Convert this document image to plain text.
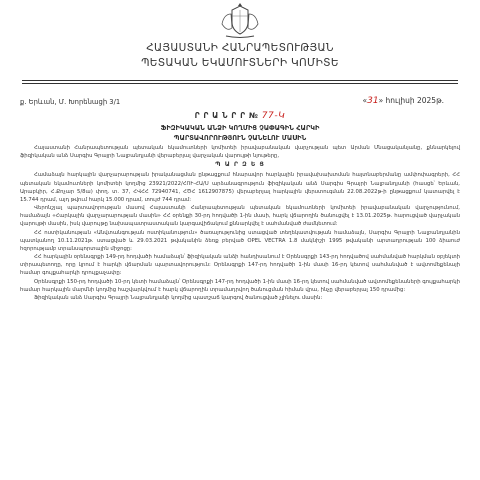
ՀԱՅԱՍՏԱՆԻ ՀԱՆՐԱՊԵՏՈՒԹՅԱՆ
ՊԵՏԱԿԱՆ ԵԿԱՄՈՒՏՆԵՐԻ ԿՈՄԻՏԵ
ք. Երևան, Մ. Խորենացի 3/1	«31» հուլիսի 2025թ.
Ր Ր Ա Ն Ր Ր № 77-Կ
ՖԻԶԻԿԱԿԱՆ ԱՆՁԻ ԿՈՂՄԻՑ ՉԱՓԱԳԻՆ ՀԱՐԿԻ
ՊԱՐՏԱՎՈՐՈՒԹՅՈՒՆ ՉԱՆԵԼՈՒ ՄԱՍԻՆ

Հայաստանի Հանրապետության պետական եկամուտների կոմիտեի իրավաբանական վարչության պետ Արման Մնացականյանը, քննարկելով ֆիզիկական անձ Սարգիս Գրայրի Նալբանդյանի վերաբերյալ վարչական վարույթի նյութերը,

Պ Ա Ր Զ Ե Ց

Համաձայն հարկային վարչարարության իրականացման ընթացքում հնարավոր հարկային իրավախախտման հայտնաբերմանը ամփոփագրերի, ՀՀ պետական եկամուտների կոմիտեի կողմից 23921/2022/ՀՈՒ-ՀԱ/Ս արձանագրություն ֆիզիկական անձ Սարգիս Գրայրի Նալբանդյանի (հասցե՝ Երևան, Արաբկիր, Հ.Քոչար 5/8ա) փող. տ. 37, ՀՎՀՀ 72940741, ՀԾՀ 1612907875) վերաբերյալ հարկային վերստուգման 22.08.2022թ-ի ընթացքում կատարվել է 15.744 դրամ, այդ թվում հարկ 15.000 դրամ, տույժ 744 դրամ:

Վերոնշյալ պարտավորության մասով Հայաստանի Հանրապետության պետական եկամուտների կոմիտեի իրավաբանական վարչությունում, համաձայն «Հարկային վարչարարության մասին» ՀՀ օրենքի 30-րդ հոդվածի 1-ին մասի, հարկ վճարողին ծանուցվել է 13.01.2025թ. հարուցված վարչական վարույթի մասին, իսկ վարույթը նախապատրաստական կարգավիճակում քննարկվել է սահմանված ժամկետում:

ՀՀ ոստիկանության «Անվտանգության ոստիկանություն» ծառայությունից ստացված տեղեկատվության համաձայն, Սարգիս Գրայրի Նալբանդյանին պատկանող 10.11.2021թ. ստացված և 29.03.2021 թվականին ձեռք բերված OPEL VECTRA 1.8 մակնիշի 1995 թվականի արտադրության 100 ձիաուժ հզորությամբ տրանսպորտային միջոցը:

ՀՀ հարկային օրենսգրքի 149-րդ հոդվածի համաձայն՝ ֆիզիկական անձի հանդիսանում է Օրենսգրքի 143-րդ հոդվածով սահմանված հարկման օբյեկտի տիրապետողը, որը կրում է հարկի վճարման պարտավորություն: Օրենսգրքի 147-րդ հոդվածի 1-ին մասի 16-րդ կետով սահմանված է ավտոմեքենայի համար գույքահարկի դրույքաչափը:

Օրենսգրքի 150-րդ հոդվածի 10-րդ կետի համաձայն՝ Օրենսգրքի 147-րդ հոդվածի 1-ին մասի 16-րդ կետով սահմանված ավտոմեքենաների գույքահարկի համար հարկային մարմնի կողմից հաշվարկվում է հարկ վճարողին տրամադրվող ծանուցման հիման վրա, ինչը վերաբերյալ 150 դրամից:

Ֆիզիկական անձ Սարգիս Գրայրի Նալբանդյանի կողմից պատշաճ կարգով ծանուցված չլինելու մասին:
